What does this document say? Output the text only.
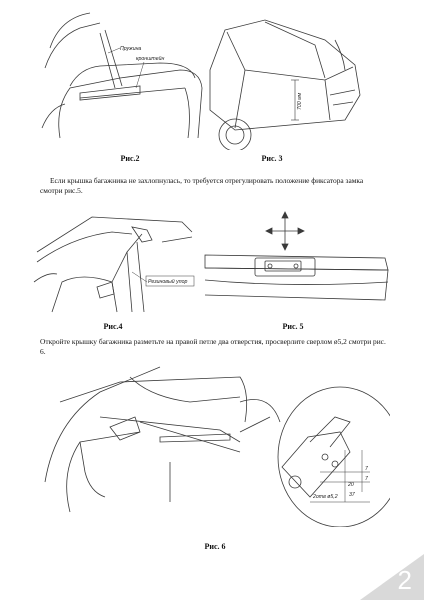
Пружина
кронштейн
Рис.2
700 мм
Рис. 3
Если крышка багажника не захлопнулась, то требуется отрегулировать положение фиксатора замка смотри рис.5.
Резиновый упор
Рис.4	Рис. 5
Откройте крышку багажника разметьте на правой петле два отверстия, просверлите сверлом ø5,2 смотри рис. 6.
7
7
20
37
2отв ø5,2
Рис. 6
2
